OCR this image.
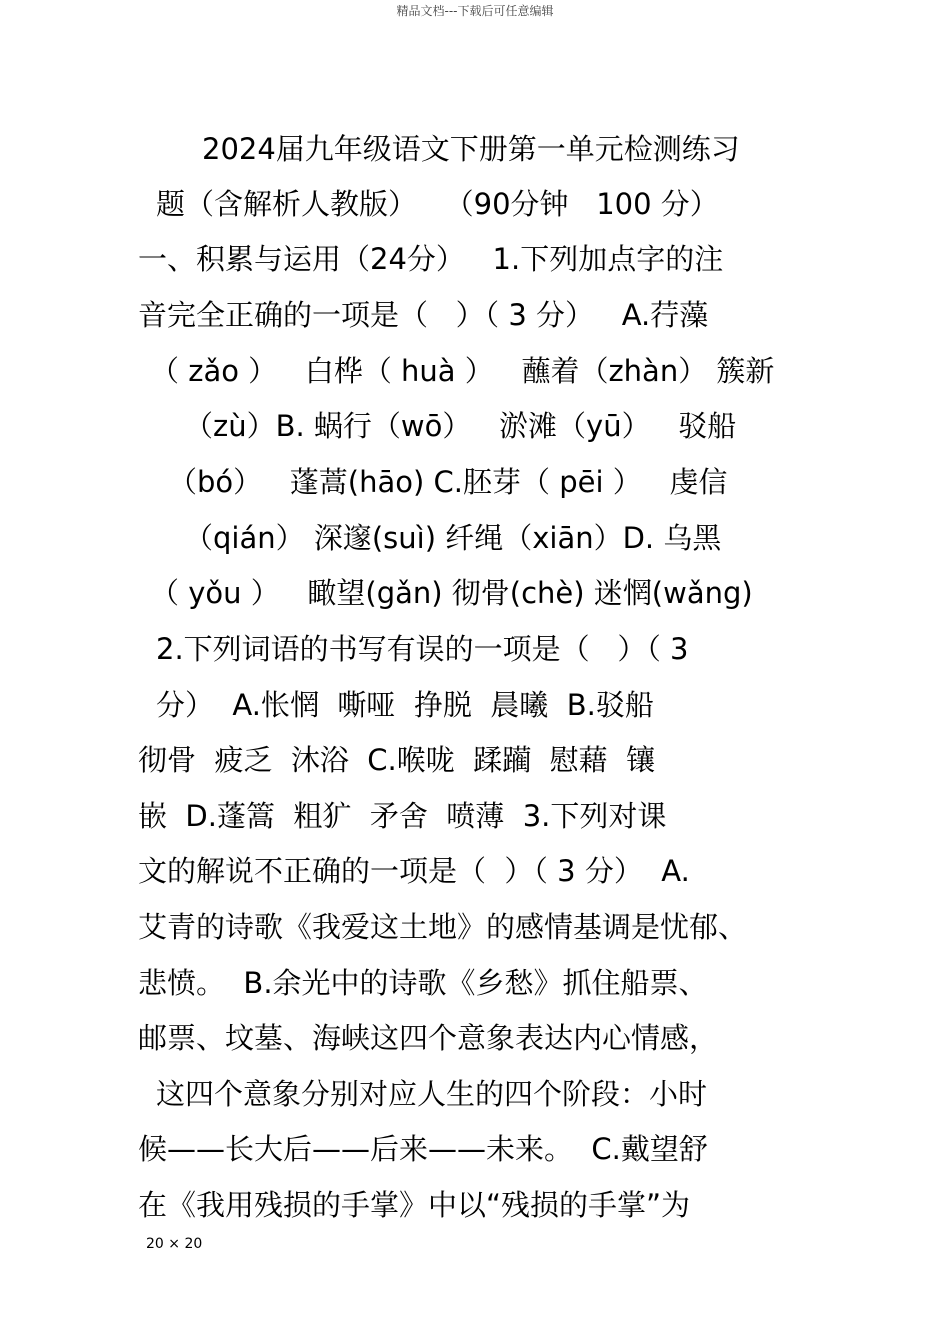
精品文档---下载后可任意编辑
2024届九年级语文下册第一单元检测练习
题（含解析人教版）   （90分钟   100 分）
一、积累与运用（24分）   1.下列加点字的注
音完全正确的一项是（   ）（ 3 分）   A.荇藻
（ zǎo ）   白桦（ huà ）   蘸着（zhàn） 簇新
（zù）B. 蜗行（wō）   淤滩（yū）   驳船
（bó）   蓬蒿(hāo) C.胚芽（ pēi ）   虔信
（qián） 深邃(suì) 纤绳（xiān）D. 乌黑
（ yǒu ）   瞰望(gǎn) 彻骨(chè) 迷惘(wǎng)
2.下列词语的书写有误的一项是（   ）（ 3
分）  A.怅惘  嘶哑  挣脱  晨曦  B.驳船
彻骨  疲乏  沐浴  C.喉咙  蹂躏  慰藉  镶
嵌  D.蓬篙  粗犷  矛舍  喷薄  3.下列对课
文的解说不正确的一项是（  ）（ 3 分）  A.
艾青的诗歌《我爱这土地》的感情基调是忧郁、
悲愤。  B.余光中的诗歌《乡愁》抓住船票、
邮票、坟墓、海峡这四个意象表达内心情感，
这四个意象分别对应人生的四个阶段：小时
候——长大后——后来——未来。  C.戴望舒
在《我用残损的手掌》中以“残损的手掌”为
20 × 20
